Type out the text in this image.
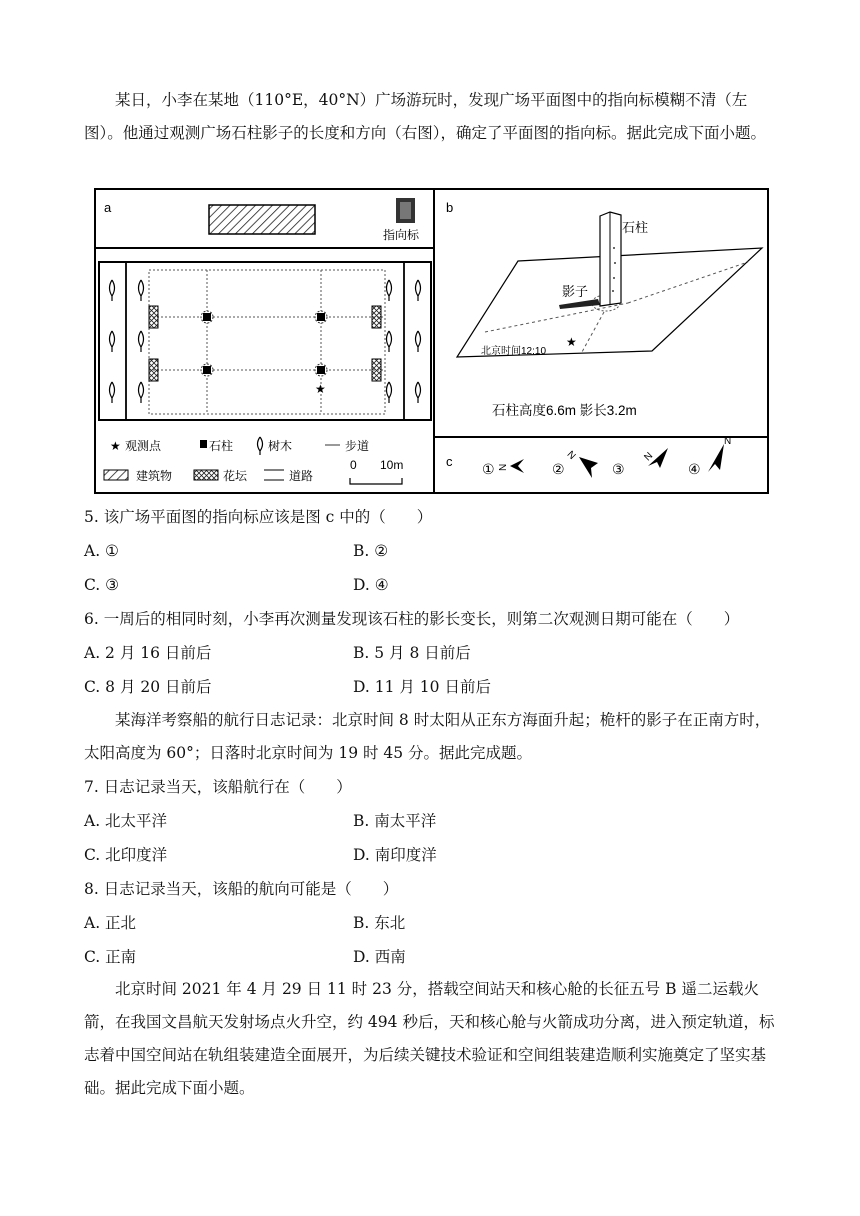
某日，小李在某地（110°E，40°N）广场游玩时，发现广场平面图中的指向标模糊不清（左图）。他通过观测广场石柱影子的长度和方向（右图），确定了平面图的指向标。据此完成下面小题。

a	b
c
指向标
★
★ 观测点	石柱	树木	步道
建筑物	花坛	道路
0 10m
石柱
影子
北京时间12:10
★
石柱高度6.6m 影长3.2m
① N	②
N
③
N
④
N
5. 该广场平面图的指向标应该是图 c 中的（　　）
A. ①	B. ②
C. ③	D. ④
6. 一周后的相同时刻，小李再次测量发现该石柱的影长变长，则第二次观测日期可能在（　　）
A. 2 月 16 日前后	B. 5 月 8 日前后
C. 8 月 20 日前后	D. 11 月 10 日前后

某海洋考察船的航行日志记录：北京时间 8 时太阳从正东方海面升起；桅杆的影子在正南方时，太阳高度为 60°；日落时北京时间为 19 时 45 分。据此完成题。

7. 日志记录当天，该船航行在（　　）
A. 北太平洋	B. 南太平洋
C. 北印度洋	D. 南印度洋
8. 日志记录当天，该船的航向可能是（　　）
A. 正北	B. 东北
C. 正南	D. 西南

北京时间 2021 年 4 月 29 日 11 时 23 分，搭载空间站天和核心舱的长征五号 B 遥二运载火箭，在我国文昌航天发射场点火升空，约 494 秒后，天和核心舱与火箭成功分离，进入预定轨道，标志着中国空间站在轨组装建造全面展开，为后续关键技术验证和空间组装建造顺利实施奠定了坚实基础。据此完成下面小题。
